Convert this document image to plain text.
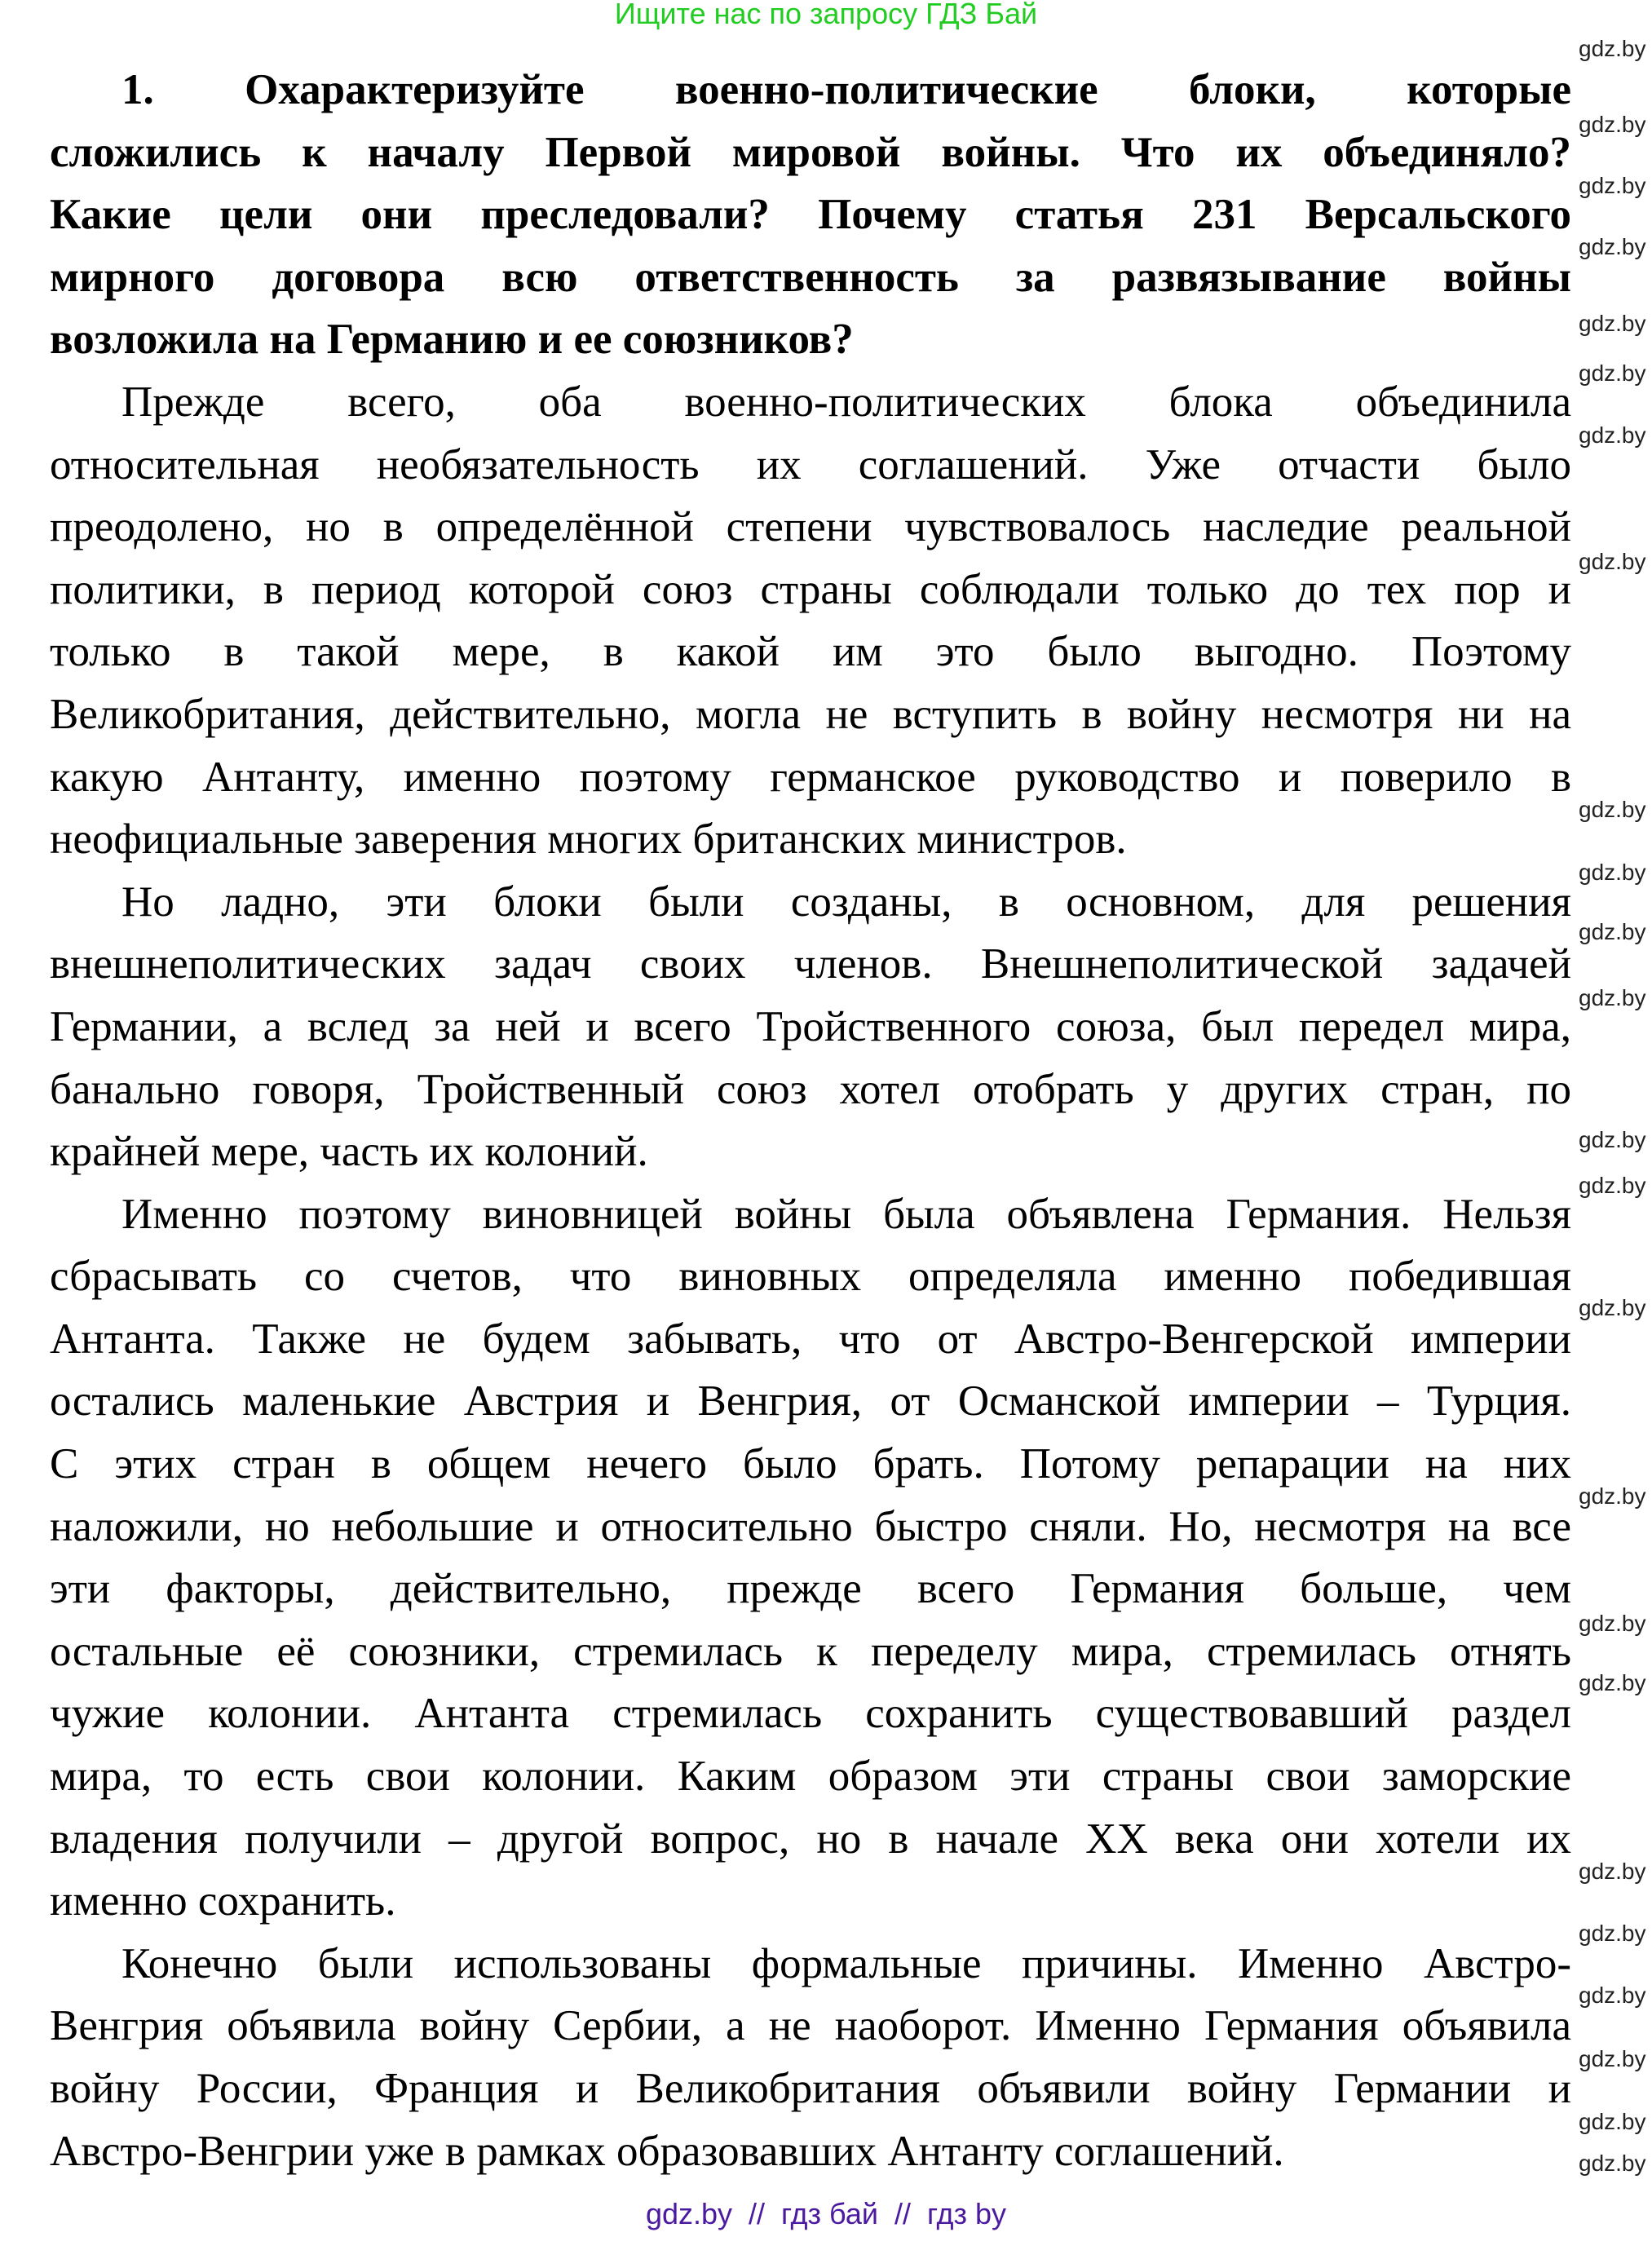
Ищите нас по запросу ГДЗ Бай
1. Охарактеризуйте военно-политические блоки, которые
сложились к началу Первой мировой войны. Что их объединяло?
Какие цели они преследовали? Почему статья 231 Версальского
мирного договора всю ответственность за развязывание войны
возложила на Германию и ее союзников?
Прежде всего, оба военно-политических блока объединила
относительная необязательность их соглашений. Уже отчасти было
преодолено, но в определённой степени чувствовалось наследие реальной
политики, в период которой союз страны соблюдали только до тех пор и
только в такой мере, в какой им это было выгодно. Поэтому
Великобритания, действительно, могла не вступить в войну несмотря ни на
какую Антанту, именно поэтому германское руководство и поверило в
неофициальные заверения многих британских министров.
Но ладно, эти блоки были созданы, в основном, для решения
внешнеполитических задач своих членов. Внешнеполитической задачей
Германии, а вслед за ней и всего Тройственного союза, был передел мира,
банально говоря, Тройственный союз хотел отобрать у других стран, по
крайней мере, часть их колоний.
Именно поэтому виновницей войны была объявлена Германия. Нельзя
сбрасывать со счетов, что виновных определяла именно победившая
Антанта. Также не будем забывать, что от Австро-Венгерской империи
остались маленькие Австрия и Венгрия, от Османской империи – Турция.
С этих стран в общем нечего было брать. Потому репарации на них
наложили, но небольшие и относительно быстро сняли. Но, несмотря на все
эти факторы, действительно, прежде всего Германия больше, чем
остальные её союзники, стремилась к переделу мира, стремилась отнять
чужие колонии. Антанта стремилась сохранить существовавший раздел
мира, то есть свои колонии. Каким образом эти страны свои заморские
владения получили – другой вопрос, но в начале XX века они хотели их
именно сохранить.
Конечно были использованы формальные причины. Именно Австро-
Венгрия объявила войну Сербии, а не наоборот. Именно Германия объявила
войну России, Франция и Великобритания объявили войну Германии и
Австро-Венгрии уже в рамках образовавших Антанту соглашений.
gdz.by
gdz.by
gdz.by
gdz.by
gdz.by
gdz.by
gdz.by
gdz.by
gdz.by
gdz.by
gdz.by
gdz.by
gdz.by
gdz.by
gdz.by
gdz.by
gdz.by
gdz.by
gdz.by
gdz.by
gdz.by
gdz.by
gdz.by
gdz.by
gdz.by  //  гдз бай  //  гдз by
